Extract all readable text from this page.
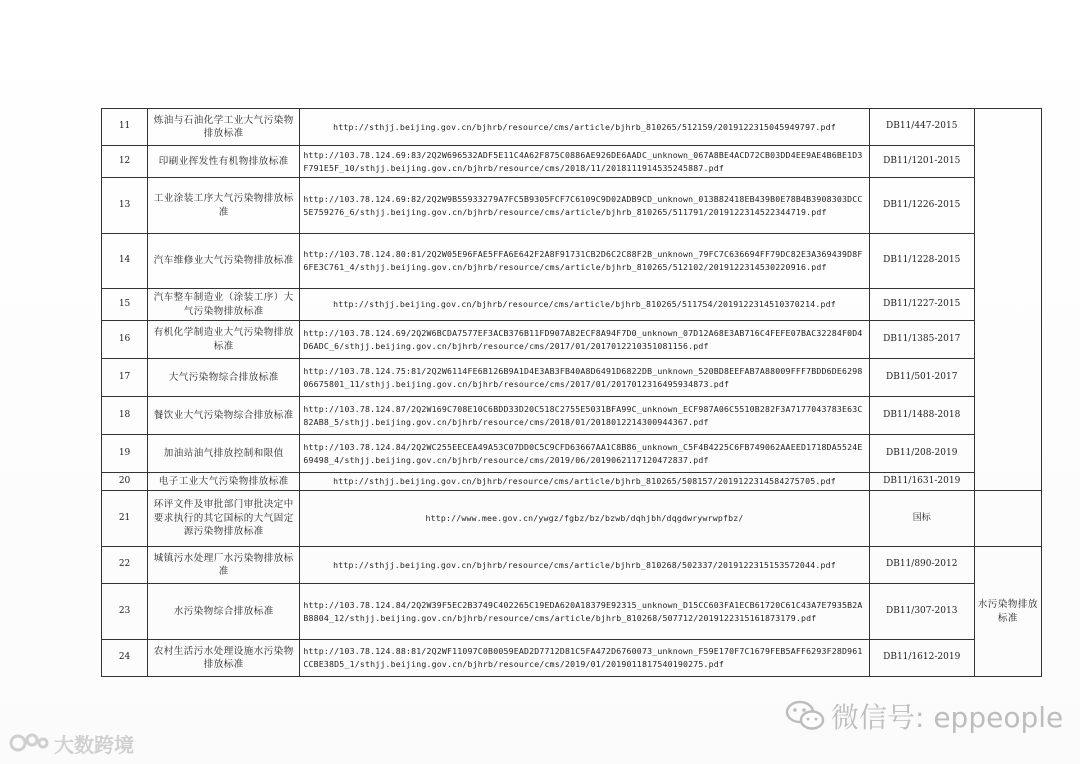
11	炼油与石油化学工业大气污染物排放标准	http://sthjj.beijing.gov.cn/bjhrb/resource/cms/article/bjhrb_810265/512159/2019122315045949797.pdf	DB11/447-2015	
12	印刷业挥发性有机物排放标准	http://103.78.124.69:83/2Q2W696532ADF5E11C4A62F875C0886AE926DE6AADC_unknown_067A8BE4ACD72CB03DD4EE9AE4B6BE1D3F791E5F_10/sthjj.beijing.gov.cn/bjhrb/resource/cms/2018/11/2018111914535245887.pdf	DB11/1201-2015	
13	工业涂装工序大气污染物排放标准	http://103.78.124.69:82/2Q2W9B55933279A7FC5B9305FCF7C6109C9D02ADB9CD_unknown_013B82418EB439B0E78B4B3908303DCC5E759276_6/sthjj.beijing.gov.cn/bjhrb/resource/cms/article/bjhrb_810265/511791/2019122314522344719.pdf	DB11/1226-2015	
14	汽车维修业大气污染物排放标准	http://103.78.124.80:81/2Q2W05E96FAE5FFA6E642F2A8F91731CB2D6C2C88F2B_unknown_79FC7C636694FF79DC82E3A369439D8F6FE3C761_4/sthjj.beijing.gov.cn/bjhrb/resource/cms/article/bjhrb_810265/512102/2019122314530220916.pdf	DB11/1228-2015	
15	汽车整车制造业（涂装工序）大气污染物排放标准	http://sthjj.beijing.gov.cn/bjhrb/resource/cms/article/bjhrb_810265/511754/2019122314510370214.pdf	DB11/1227-2015	
16	有机化学制造业大气污染物排放标准	http://103.78.124.69/2Q2W6BCDA7577EF3ACB376B11FD907A82ECF8A94F7D0_unknown_07D12A68E3AB716C4FEFE07BAC32284F0D4D6ADC_6/sthjj.beijing.gov.cn/bjhrb/resource/cms/2017/01/2017012210351081156.pdf	DB11/1385-2017	
17	大气污染物综合排放标准	http://103.78.124.75:81/2Q2W6114FE6B126B9A1D4E3AB3FB40A8D6491D6822DB_unknown_520BD8EEFAB7A88009FFF7BDD6DE629806675801_11/sthjj.beijing.gov.cn/bjhrb/resource/cms/2017/01/2017012316495934873.pdf	DB11/501-2017	
18	餐饮业大气污染物综合排放标准	http://103.78.124.87/2Q2W169C708E10C6BDD33D20C518C2755E5031BFA99C_unknown_ECF987A06C5510B282F3A7177043783E63C82AB8_5/sthjj.beijing.gov.cn/bjhrb/resource/cms/2018/01/2018012214300944367.pdf	DB11/1488-2018	
19	加油站油气排放控制和限值	http://103.78.124.84/2Q2WC255EECEA49A53C07DD0C5C9CFD63667AA1C8B86_unknown_C5F4B4225C6FB749062AAEED1718DA5524E69498_4/sthjj.beijing.gov.cn/bjhrb/resource/cms/2019/06/2019062117120472837.pdf	DB11/208-2019	
20	电子工业大气污染物排放标准	http://sthjj.beijing.gov.cn/bjhrb/resource/cms/article/bjhrb_810265/508157/2019122314584275705.pdf	DB11/1631-2019	
21	环评文件及审批部门审批决定中要求执行的其它国标的大气固定源污染物排放标准	http://www.mee.gov.cn/ywgz/fgbz/bz/bzwb/dqhjbh/dqgdwrywrwpfbz/	国标	
22	城镇污水处理厂水污染物排放标准	http://sthjj.beijing.gov.cn/bjhrb/resource/cms/article/bjhrb_810268/502337/2019122315153572044.pdf	DB11/890-2012	水污染物排放标准
23	水污染物综合排放标准	http://103.78.124.84/2Q2W39F5EC2B3749C402265C19EDA620A18379E92315_unknown_D15CC603FA1ECB61720C61C43A7E7935B2AB8804_12/sthjj.beijing.gov.cn/bjhrb/resource/cms/article/bjhrb_810268/507712/2019122315161873179.pdf	DB11/307-2013	
24	农村生活污水处理设施水污染物排放标准	http://103.78.124.88:81/2Q2WF11097C0B0059EAD2D7712D81C5FA472D6760073_unknown_F59E170F7C1679FEB5AFF6293F28D961CCBE38D5_1/sthjj.beijing.gov.cn/bjhrb/resource/cms/2019/01/2019011817540190275.pdf	DB11/1612-2019	
大数跨境
微信号: eppeople
